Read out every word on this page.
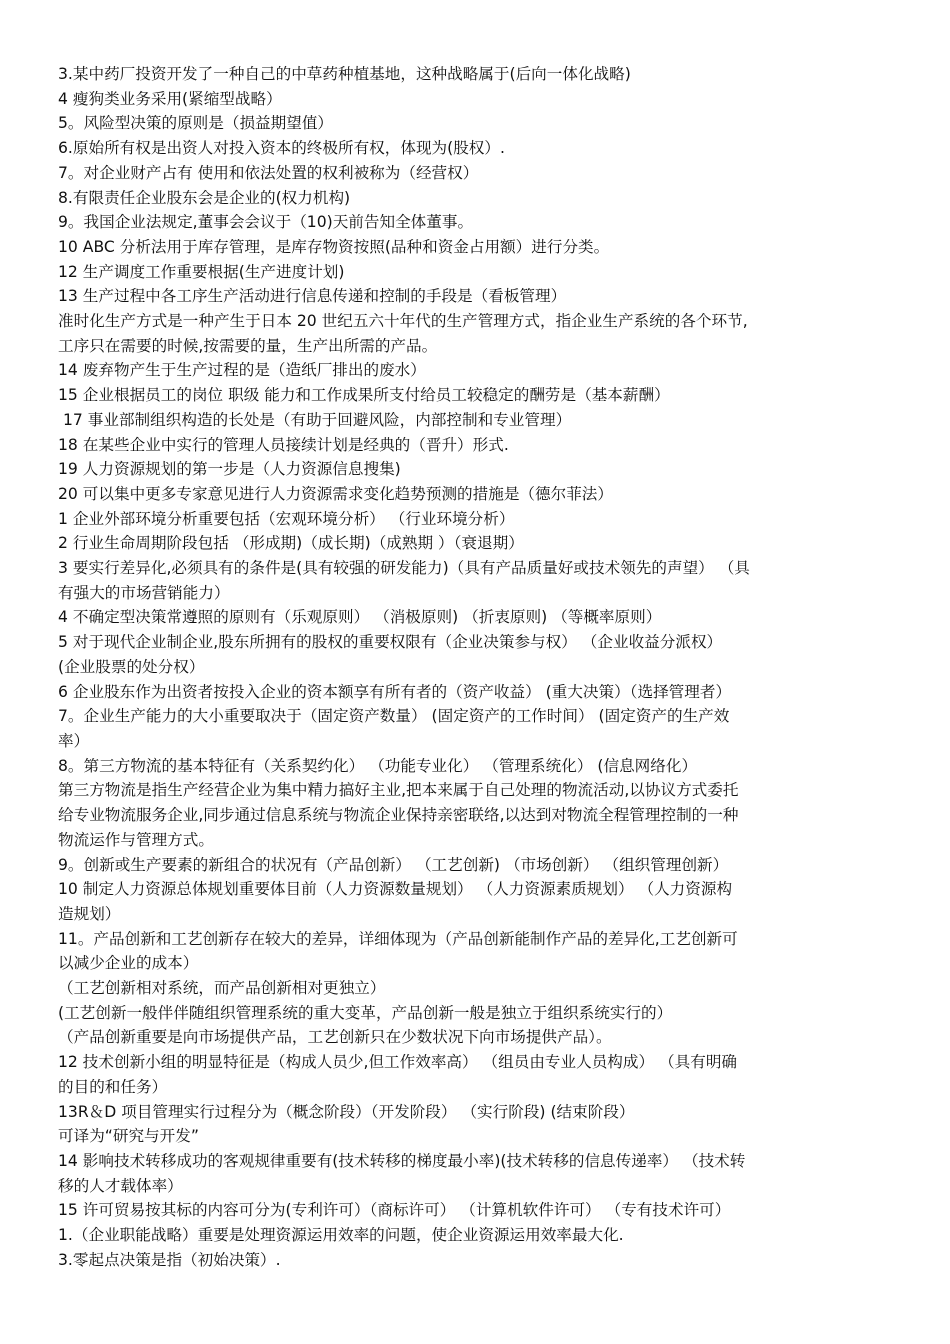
3.某中药厂投资开发了一种自己的中草药种植基地，这种战略属于(后向一体化战略)

4 瘦狗类业务采用(紧缩型战略）

5。风险型决策的原则是（损益期望值）

6.原始所有权是出资人对投入资本的终极所有权，体现为(股权）.

7。对企业财产占有 使用和依法处置的权利被称为（经营权）

8.有限责任企业股东会是企业的(权力机构)

9。我国企业法规定,董事会会议于（10)天前告知全体董事。

10 ABC 分析法用于库存管理，是库存物资按照(品种和资金占用额）进行分类。

12 生产调度工作重要根据(生产进度计划)

13 生产过程中各工序生产活动进行信息传递和控制的手段是（看板管理）

准时化生产方式是一种产生于日本 20 世纪五六十年代的生产管理方式，指企业生产系统的各个环节,

工序只在需要的时候,按需要的量，生产出所需的产品。

14 废弃物产生于生产过程的是（造纸厂排出的废水）

15 企业根据员工的岗位 职级 能力和工作成果所支付给员工较稳定的酬劳是（基本薪酬）

17 事业部制组织构造的长处是（有助于回避风险，内部控制和专业管理）

18 在某些企业中实行的管理人员接续计划是经典的（晋升）形式.

19 人力资源规划的第一步是（人力资源信息搜集)

20 可以集中更多专家意见进行人力资源需求变化趋势预测的措施是（德尔菲法）

1 企业外部环境分析重要包括（宏观环境分析） （行业环境分析）

2 行业生命周期阶段包括 （形成期)（成长期)（成熟期 ）（衰退期）

3 要实行差异化,必须具有的条件是(具有较强的研发能力)（具有产品质量好或技术领先的声望） （具

有强大的市场营销能力）

4 不确定型决策常遵照的原则有（乐观原则） （消极原则) （折衷原则) （等概率原则）

5 对于现代企业制企业,股东所拥有的股权的重要权限有（企业决策参与权） （企业收益分派权）

(企业股票的处分权）

6 企业股东作为出资者按投入企业的资本额享有所有者的（资产收益） (重大决策）（选择管理者）

7。企业生产能力的大小重要取决于（固定资产数量） (固定资产的工作时间） (固定资产的生产效

率）

8。第三方物流的基本特征有（关系契约化） （功能专业化） （管理系统化） (信息网络化）

第三方物流是指生产经营企业为集中精力搞好主业,把本来属于自己处理的物流活动,以协议方式委托

给专业物流服务企业,同步通过信息系统与物流企业保持亲密联络,以达到对物流全程管理控制的一种

物流运作与管理方式。

9。创新或生产要素的新组合的状况有（产品创新） （工艺创新) （市场创新） （组织管理创新）

10 制定人力资源总体规划重要体目前（人力资源数量规划） （人力资源素质规划） （人力资源构

造规划）

11。产品创新和工艺创新存在较大的差异，详细体现为（产品创新能制作产品的差异化,工艺创新可

以减少企业的成本）

（工艺创新相对系统，而产品创新相对更独立）

(工艺创新一般伴伴随组织管理系统的重大变革，产品创新一般是独立于组织系统实行的）

（产品创新重要是向市场提供产品，工艺创新只在少数状况下向市场提供产品）。

12 技术创新小组的明显特征是（构成人员少,但工作效率高） （组员由专业人员构成） （具有明确

的目的和任务）

13R＆D 项目管理实行过程分为（概念阶段）（开发阶段） （实行阶段) (结束阶段）

可译为“研究与开发”

14 影响技术转移成功的客观规律重要有(技术转移的梯度最小率)(技术转移的信息传递率） （技术转

移的人才载体率）

15 许可贸易按其标的内容可分为(专利许可）（商标许可） （计算机软件许可） （专有技术许可）

1.（企业职能战略）重要是处理资源运用效率的问题，使企业资源运用效率最大化.

3.零起点决策是指（初始决策）.
